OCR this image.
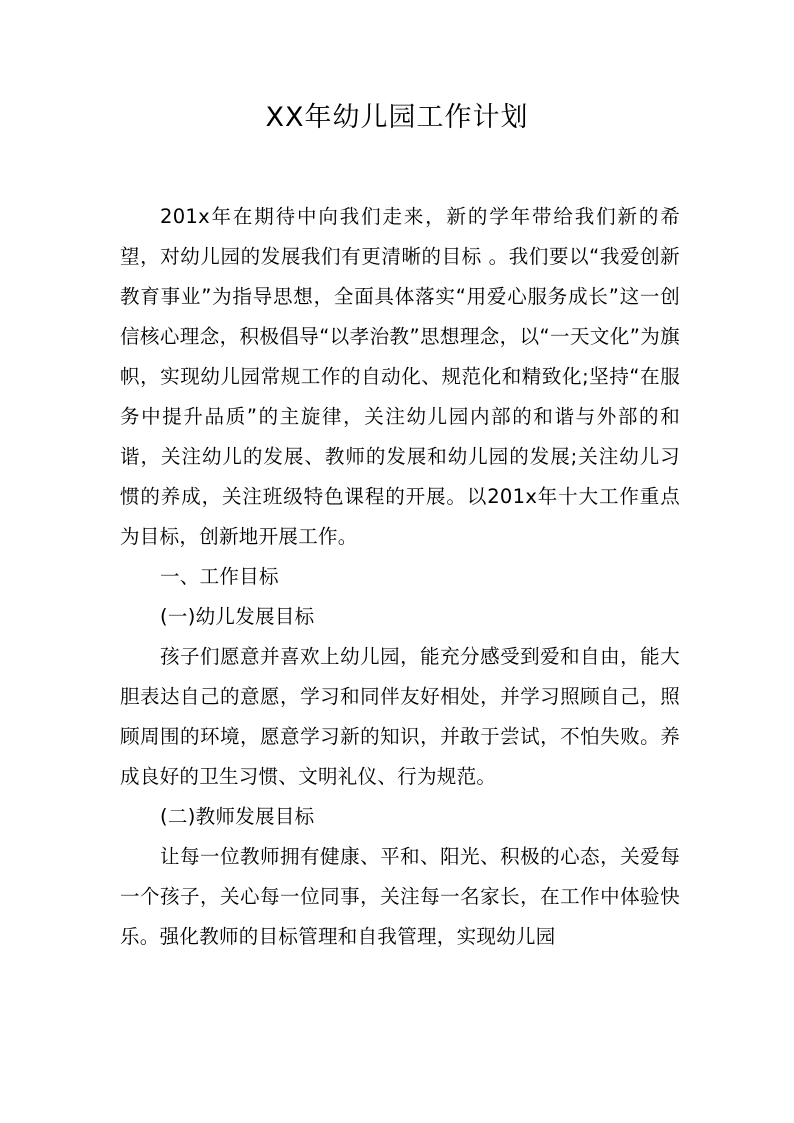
XX年幼儿园工作计划

201x年在期待中向我们走来，新的学年带给我们新的希望，对幼儿园的发展我们有更清晰的目标 。我们要以“我爱创新教育事业”为指导思想，全面具体落实“用爱心服务成长”这一创信核心理念，积极倡导“以孝治教”思想理念，以“一天文化”为旗帜，实现幼儿园常规工作的自动化、规范化和精致化;坚持“在服务中提升品质”的主旋律，关注幼儿园内部的和谐与外部的和谐，关注幼儿的发展、教师的发展和幼儿园的发展;关注幼儿习惯的养成，关注班级特色课程的开展。以201x年十大工作重点为目标，创新地开展工作。

一、工作目标

(一)幼儿发展目标

孩子们愿意并喜欢上幼儿园，能充分感受到爱和自由，能大胆表达自己的意愿，学习和同伴友好相处，并学习照顾自己，照顾周围的环境，愿意学习新的知识，并敢于尝试，不怕失败。养成良好的卫生习惯、文明礼仪、行为规范。

(二)教师发展目标

让每一位教师拥有健康、平和、阳光、积极的心态，关爱每一个孩子，关心每一位同事，关注每一名家长，在工作中体验快乐。强化教师的目标管理和自我管理，实现幼儿园
